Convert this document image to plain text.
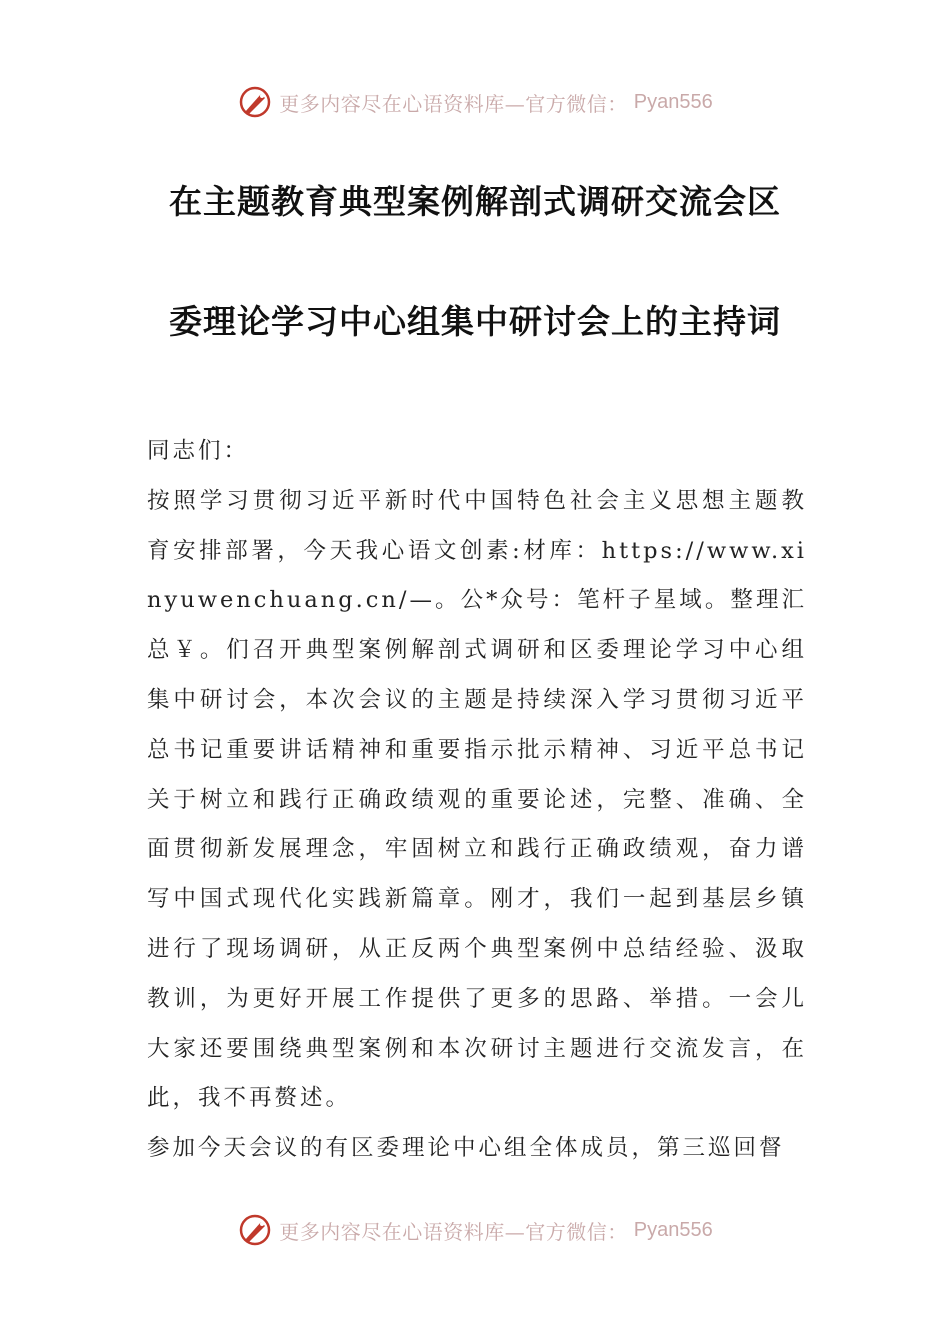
更多内容尽在心语资料库—官方微信： Pyan556
在主题教育典型案例解剖式调研交流会区
委理论学习中心组集中研讨会上的主持词

同志们：

按照学习贯彻习近平新时代中国特色社会主义思想主题教育安排部署，今天我心语文创素:材库：https://www.xinyuwenchuang.cn/—。公*众号：笔杆子星域。整理汇总￥。们召开典型案例解剖式调研和区委理论学习中心组集中研讨会，本次会议的主题是持续深入学习贯彻习近平总书记重要讲话精神和重要指示批示精神、习近平总书记关于树立和践行正确政绩观的重要论述，完整、准确、全面贯彻新发展理念，牢固树立和践行正确政绩观，奋力谱写中国式现代化实践新篇章。刚才，我们一起到基层乡镇进行了现场调研，从正反两个典型案例中总结经验、汲取教训，为更好开展工作提供了更多的思路、举措。一会儿大家还要围绕典型案例和本次研讨主题进行交流发言，在此，我不再赘述。

参加今天会议的有区委理论中心组全体成员，第三巡回督

更多内容尽在心语资料库—官方微信： Pyan556
